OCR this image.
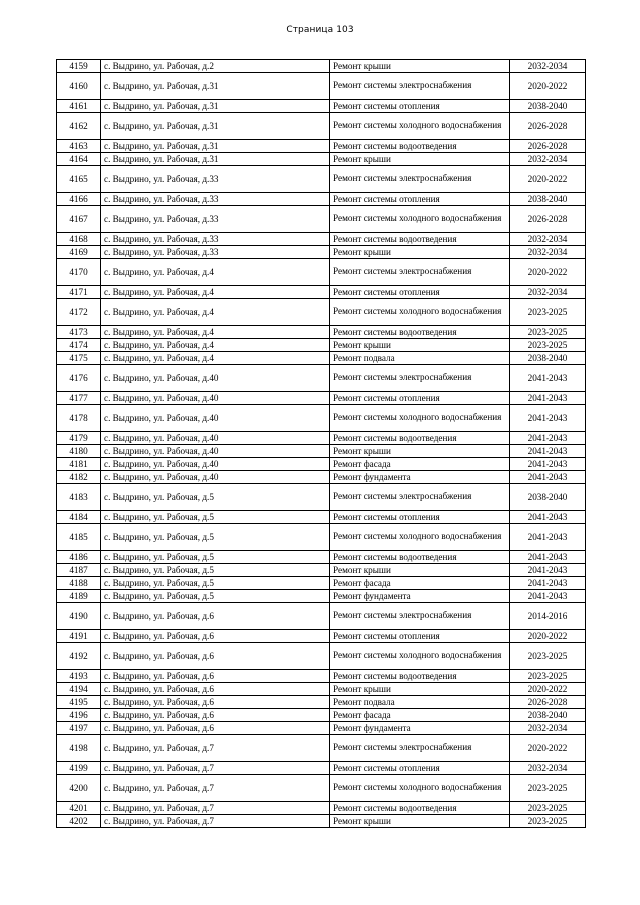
Страница 103
4159	с. Выдрино, ул. Рабочая, д.2	Ремонт крыши	2032-2034
4160	с. Выдрино, ул. Рабочая, д.31	Ремонт системы электроснабжения	2020-2022
4161	с. Выдрино, ул. Рабочая, д.31	Ремонт системы отопления	2038-2040
4162	с. Выдрино, ул. Рабочая, д.31	Ремонт системы холодного водоснабжения	2026-2028
4163	с. Выдрино, ул. Рабочая, д.31	Ремонт системы водоотведения	2026-2028
4164	с. Выдрино, ул. Рабочая, д.31	Ремонт крыши	2032-2034
4165	с. Выдрино, ул. Рабочая, д.33	Ремонт системы электроснабжения	2020-2022
4166	с. Выдрино, ул. Рабочая, д.33	Ремонт системы отопления	2038-2040
4167	с. Выдрино, ул. Рабочая, д.33	Ремонт системы холодного водоснабжения	2026-2028
4168	с. Выдрино, ул. Рабочая, д.33	Ремонт системы водоотведения	2032-2034
4169	с. Выдрино, ул. Рабочая, д.33	Ремонт крыши	2032-2034
4170	с. Выдрино, ул. Рабочая, д.4	Ремонт системы электроснабжения	2020-2022
4171	с. Выдрино, ул. Рабочая, д.4	Ремонт системы отопления	2032-2034
4172	с. Выдрино, ул. Рабочая, д.4	Ремонт системы холодного водоснабжения	2023-2025
4173	с. Выдрино, ул. Рабочая, д.4	Ремонт системы водоотведения	2023-2025
4174	с. Выдрино, ул. Рабочая, д.4	Ремонт крыши	2023-2025
4175	с. Выдрино, ул. Рабочая, д.4	Ремонт подвала	2038-2040
4176	с. Выдрино, ул. Рабочая, д.40	Ремонт системы электроснабжения	2041-2043
4177	с. Выдрино, ул. Рабочая, д.40	Ремонт системы отопления	2041-2043
4178	с. Выдрино, ул. Рабочая, д.40	Ремонт системы холодного водоснабжения	2041-2043
4179	с. Выдрино, ул. Рабочая, д.40	Ремонт системы водоотведения	2041-2043
4180	с. Выдрино, ул. Рабочая, д.40	Ремонт крыши	2041-2043
4181	с. Выдрино, ул. Рабочая, д.40	Ремонт фасада	2041-2043
4182	с. Выдрино, ул. Рабочая, д.40	Ремонт фундамента	2041-2043
4183	с. Выдрино, ул. Рабочая, д.5	Ремонт системы электроснабжения	2038-2040
4184	с. Выдрино, ул. Рабочая, д.5	Ремонт системы отопления	2041-2043
4185	с. Выдрино, ул. Рабочая, д.5	Ремонт системы холодного водоснабжения	2041-2043
4186	с. Выдрино, ул. Рабочая, д.5	Ремонт системы водоотведения	2041-2043
4187	с. Выдрино, ул. Рабочая, д.5	Ремонт крыши	2041-2043
4188	с. Выдрино, ул. Рабочая, д.5	Ремонт фасада	2041-2043
4189	с. Выдрино, ул. Рабочая, д.5	Ремонт фундамента	2041-2043
4190	с. Выдрино, ул. Рабочая, д.6	Ремонт системы электроснабжения	2014-2016
4191	с. Выдрино, ул. Рабочая, д.6	Ремонт системы отопления	2020-2022
4192	с. Выдрино, ул. Рабочая, д.6	Ремонт системы холодного водоснабжения	2023-2025
4193	с. Выдрино, ул. Рабочая, д.6	Ремонт системы водоотведения	2023-2025
4194	с. Выдрино, ул. Рабочая, д.6	Ремонт крыши	2020-2022
4195	с. Выдрино, ул. Рабочая, д.6	Ремонт подвала	2026-2028
4196	с. Выдрино, ул. Рабочая, д.6	Ремонт фасада	2038-2040
4197	с. Выдрино, ул. Рабочая, д.6	Ремонт фундамента	2032-2034
4198	с. Выдрино, ул. Рабочая, д.7	Ремонт системы электроснабжения	2020-2022
4199	с. Выдрино, ул. Рабочая, д.7	Ремонт системы отопления	2032-2034
4200	с. Выдрино, ул. Рабочая, д.7	Ремонт системы холодного водоснабжения	2023-2025
4201	с. Выдрино, ул. Рабочая, д.7	Ремонт системы водоотведения	2023-2025
4202	с. Выдрино, ул. Рабочая, д.7	Ремонт крыши	2023-2025
